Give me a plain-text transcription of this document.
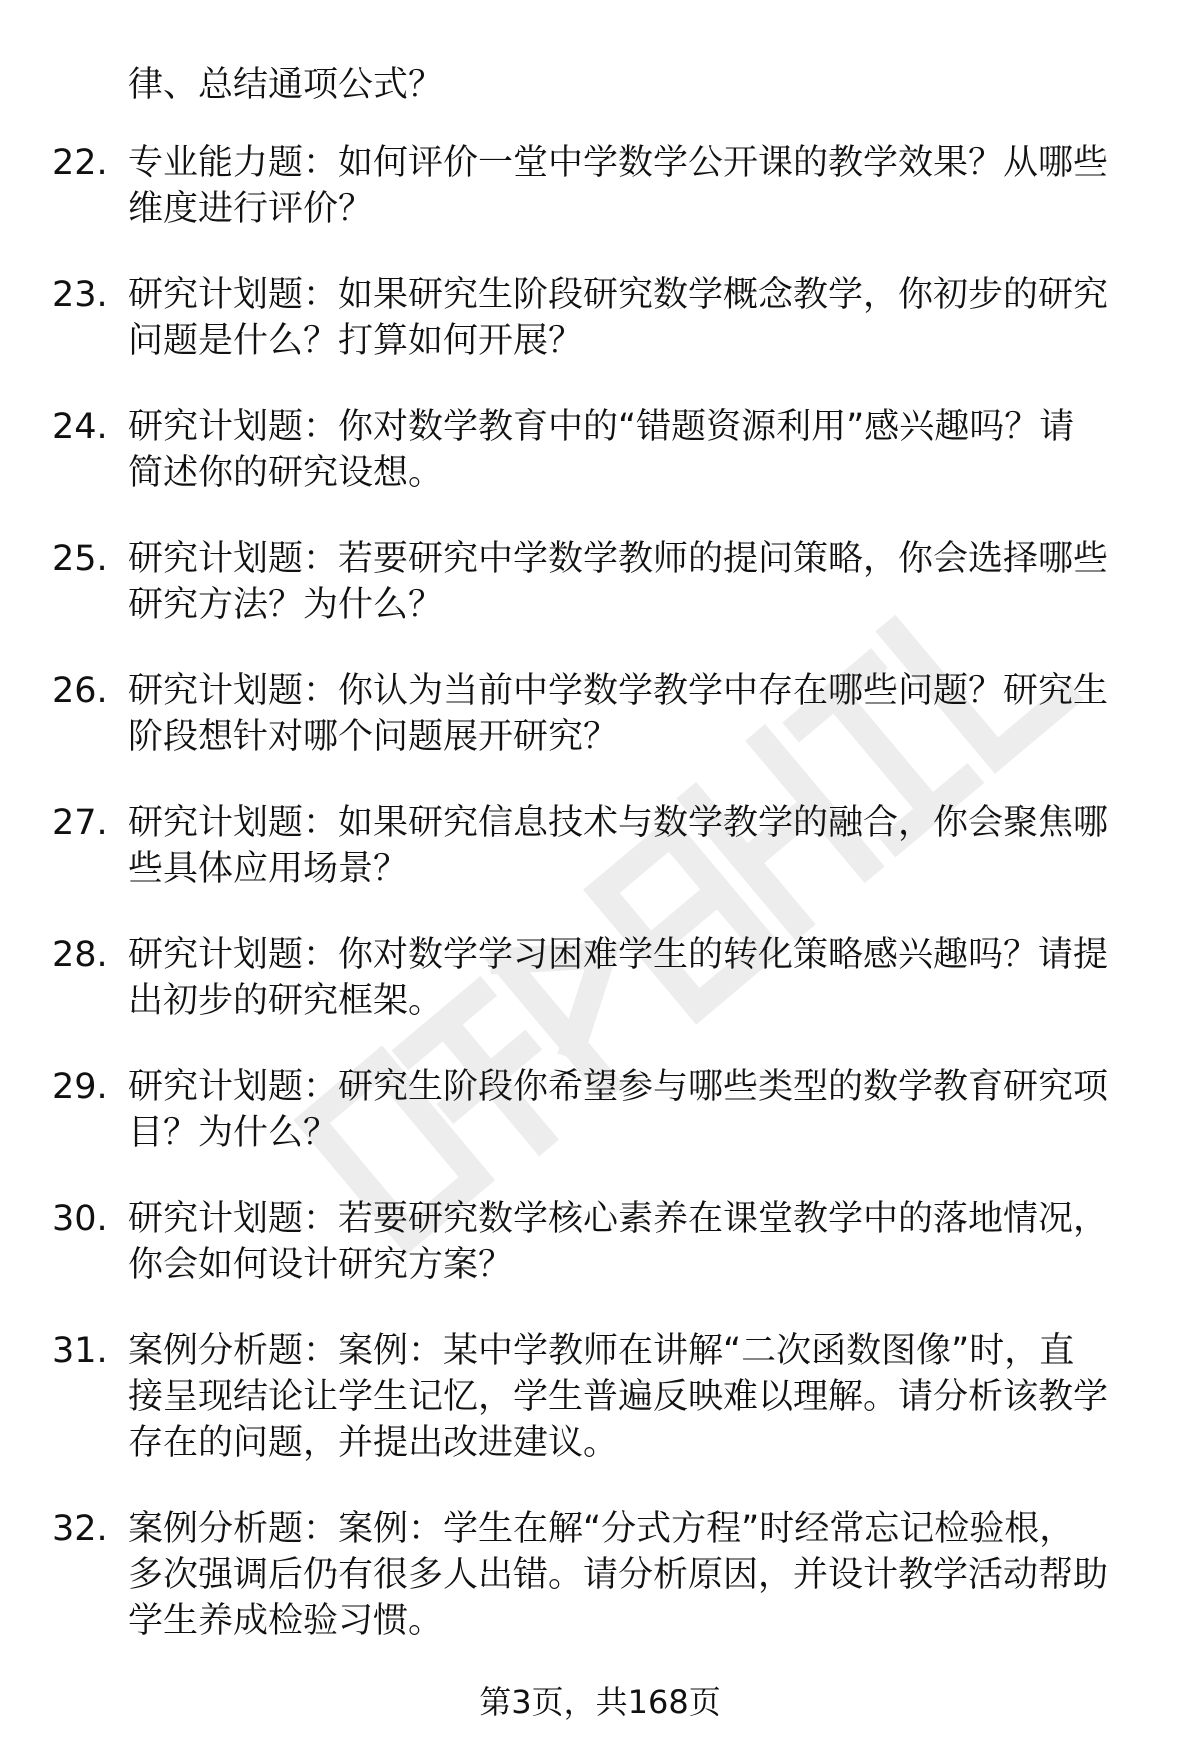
律、总结通项公式？
22. 专业能力题：如何评价一堂中学数学公开课的教学效果？从哪些
维度进行评价？
23. 研究计划题：如果研究生阶段研究数学概念教学，你初步的研究
问题是什么？打算如何开展？
24. 研究计划题：你对数学教育中的“错题资源利用”感兴趣吗？请
简述你的研究设想。
25. 研究计划题：若要研究中学数学教师的提问策略，你会选择哪些
研究方法？为什么？
26. 研究计划题：你认为当前中学数学教学中存在哪些问题？研究生
阶段想针对哪个问题展开研究？
27. 研究计划题：如果研究信息技术与数学教学的融合，你会聚焦哪
些具体应用场景？
28. 研究计划题：你对数学学习困难学生的转化策略感兴趣吗？请提
出初步的研究框架。
29. 研究计划题：研究生阶段你希望参与哪些类型的数学教育研究项
目？为什么？
30. 研究计划题：若要研究数学核心素养在课堂教学中的落地情况，
你会如何设计研究方案？
31. 案例分析题：案例：某中学教师在讲解“二次函数图像”时，直
接呈现结论让学生记忆，学生普遍反映难以理解。请分析该教学
存在的问题，并提出改进建议。
32. 案例分析题：案例：学生在解“分式方程”时经常忘记检验根，
多次强调后仍有很多人出错。请分析原因，并设计教学活动帮助
学生养成检验习惯。
第3页，共168页
